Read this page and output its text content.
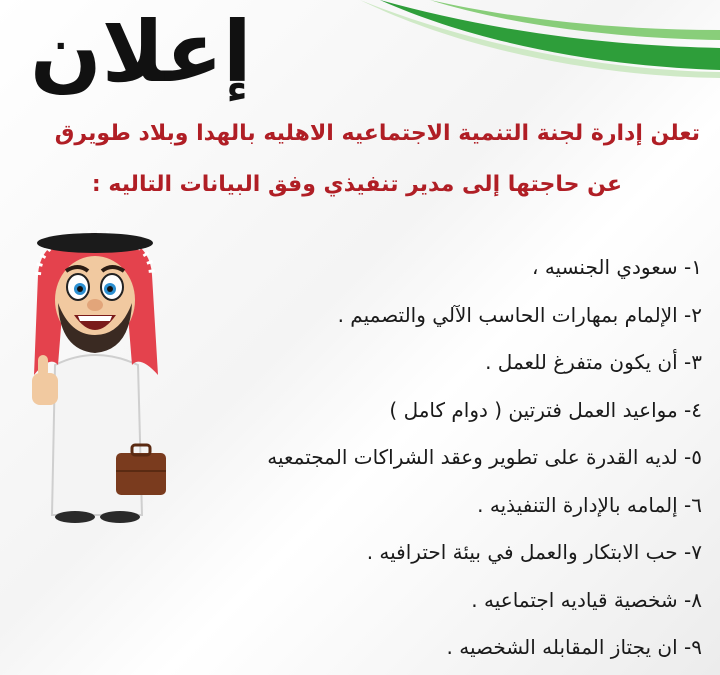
إعلان

تعلن إدارة لجنة التنمية الاجتماعيه الاهليه بالهدا وبلاد طويرق

عن حاجتها إلى مدير تنفيذي وفق البيانات التاليه :

١- سعودي الجنسيه ،
٢- الإلمام بمهارات الحاسب الآلي والتصميم .
٣- أن يكون متفرغ للعمل .
٤- مواعيد العمل فترتين ( دوام كامل )
٥- لديه القدرة على تطوير وعقد الشراكات المجتمعيه
٦- إلمامه بالإدارة التنفيذيه .
٧- حب الابتكار والعمل في بيئة احترافيه .
٨- شخصية قياديه اجتماعيه .
٩- ان يجتاز المقابله الشخصيه .
